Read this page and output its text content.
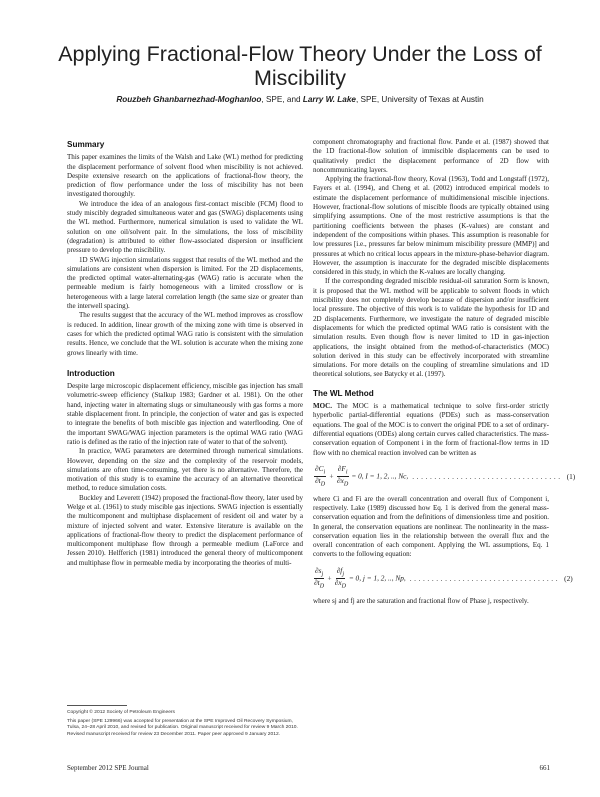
Applying Fractional-Flow Theory Under the Loss of Miscibility
Rouzbeh Ghanbarnezhad-Moghanloo, SPE, and Larry W. Lake, SPE, University of Texas at Austin
Summary

This paper examines the limits of the Walsh and Lake (WL) method for predicting the displacement performance of solvent flood when miscibility is not achieved. Despite extensive research on the applications of fractional-flow theory, the prediction of flow performance under the loss of miscibility has not been investigated thoroughly.

We introduce the idea of an analogous first-contact miscible (FCM) flood to study miscibly degraded simultaneous water and gas (SWAG) displacements using the WL method. Furthermore, numerical simulation is used to validate the WL solution on one oil/solvent pair. In the simulations, the loss of miscibility (degradation) is attributed to either flow-associated dispersion or insufficient pressure to develop the miscibility.

1D SWAG injection simulations suggest that results of the WL method and the simulations are consistent when dispersion is limited. For the 2D displacements, the predicted optimal water-alternating-gas (WAG) ratio is accurate when the permeable medium is fairly homogeneous with a limited crossflow or is heterogeneous with a large lateral correlation length (the same size or greater than the interwell spacing).

The results suggest that the accuracy of the WL method improves as crossflow is reduced. In addition, linear growth of the mixing zone with time is observed in cases for which the predicted optimal WAG ratio is consistent with the simulation results. Hence, we conclude that the WL solution is accurate when the mixing zone grows linearly with time.

Introduction

Despite large microscopic displacement efficiency, miscible gas injection has small volumetric-sweep efficiency (Stalkup 1983; Gardner et al. 1981). On the other hand, injecting water in alternating slugs or simultaneously with gas forms a more stable displacement front. In principle, the conjection of water and gas is expected to integrate the benefits of both miscible gas injection and waterflooding. One of the important SWAG/WAG injection parameters is the optimal WAG ratio (WAG ratio is defined as the ratio of the injection rate of water to that of the solvent).

In practice, WAG parameters are determined through numerical simulations. However, depending on the size and the complexity of the reservoir models, simulations are often time-consuming, yet there is no alternative. Therefore, the motivation of this study is to examine the accuracy of an alternative theoretical method, to reduce simulation costs.

Buckley and Leverett (1942) proposed the fractional-flow theory, later used by Welge et al. (1961) to study miscible gas injections. SWAG injection is essentially the multicomponent and multiphase displacement of resident oil and water by a mixture of injected solvent and water. Extensive literature is available on the applications of fractional-flow theory to predict the displacement performance of multicomponent multiphase flow through a permeable medium (LaForce and Jessen 2010). Helfferich (1981) introduced the general theory of multicomponent and multiphase flow in permeable media by incorporating the theories of multi-

Copyright © 2012 Society of Petroleum Engineers
This paper (SPE 129966) was accepted for presentation at the SPE Improved Oil Recovery Symposium, Tulsa, 24–28 April 2010, and revised for publication. Original manuscript received for review 9 March 2010. Revised manuscript received for review 23 December 2011. Paper peer approved 9 January 2012.

component chromatography and fractional flow. Pande et al. (1987) showed that the 1D fractional-flow solution of immiscible displacements can be used to qualitatively predict the displacement performance of 2D flow with noncommunicating layers.

Applying the fractional-flow theory, Koval (1963), Todd and Longstaff (1972), Fayers et al. (1994), and Cheng et al. (2002) introduced empirical models to estimate the displacement performance of multidimensional miscible injections. However, fractional-flow solutions of miscible floods are typically obtained using simplifying assumptions. One of the most restrictive assumptions is that the partitioning coefficients between the phases (K-values) are constant and independent of the compositions within phases. This assumption is reasonable for low pressures [i.e., pressures far below minimum miscibility pressure (MMP)] and pressures at which no critical locus appears in the mixture-phase-behavior diagram. However, the assumption is inaccurate for the degraded miscible displacements considered in this study, in which the K-values are locally changing.

If the corresponding degraded miscible residual-oil saturation Sorm is known, it is proposed that the WL method will be applicable to solvent floods in which miscibility does not completely develop because of dispersion and/or insufficient local pressure. The objective of this work is to validate the hypothesis for 1D and 2D displacements. Furthermore, we investigate the nature of degraded miscible displacements for which the predicted optimal WAG ratio is consistent with the simulation results. Even though flow is never limited to 1D in gas-injection applications, the insight obtained from the method-of-characteristics (MOC) solution derived in this study can be effectively incorporated with streamline simulations. For more details on the coupling of streamline simulations and 1D theoretical solutions, see Batycky et al. (1997).

The WL Method

MOC. The MOC is a mathematical technique to solve first-order strictly hyperbolic partial-differential equations (PDEs) such as mass-conservation equations. The goal of the MOC is to convert the original PDE to a set of ordinary-differential equations (ODEs) along certain curves called characteristics. The mass-conservation equation of Component i in the form of fractional-flow terms in 1D flow with no chemical reaction involved can be written as

$\frac{\partial C_i}{\partial t_D} + \frac{\partial F_i}{\partial x_D} = 0$, I = 1, 2, .., Nc, .................................. (1)

where Ci and Fi are the overall concentration and overall flux of Component i, respectively. Lake (1989) discussed how Eq. 1 is derived from the general mass-conservation equation and from the definitions of dimensionless time and position. In general, the conservation equations are nonlinear. The nonlinearity in the mass-conservation equation lies in the relationship between the overall flux and the overall concentration of each component. Applying the WL assumptions, Eq. 1 converts to the following equation:

$\frac{\partial s_j}{\partial t_D} + \frac{\partial f_j}{\partial x_D} = 0$, j = 1, 2, .., Np, .................................. (2)

where sj and fj are the saturation and fractional flow of Phase j, respectively.

September 2012 SPE Journal	661
